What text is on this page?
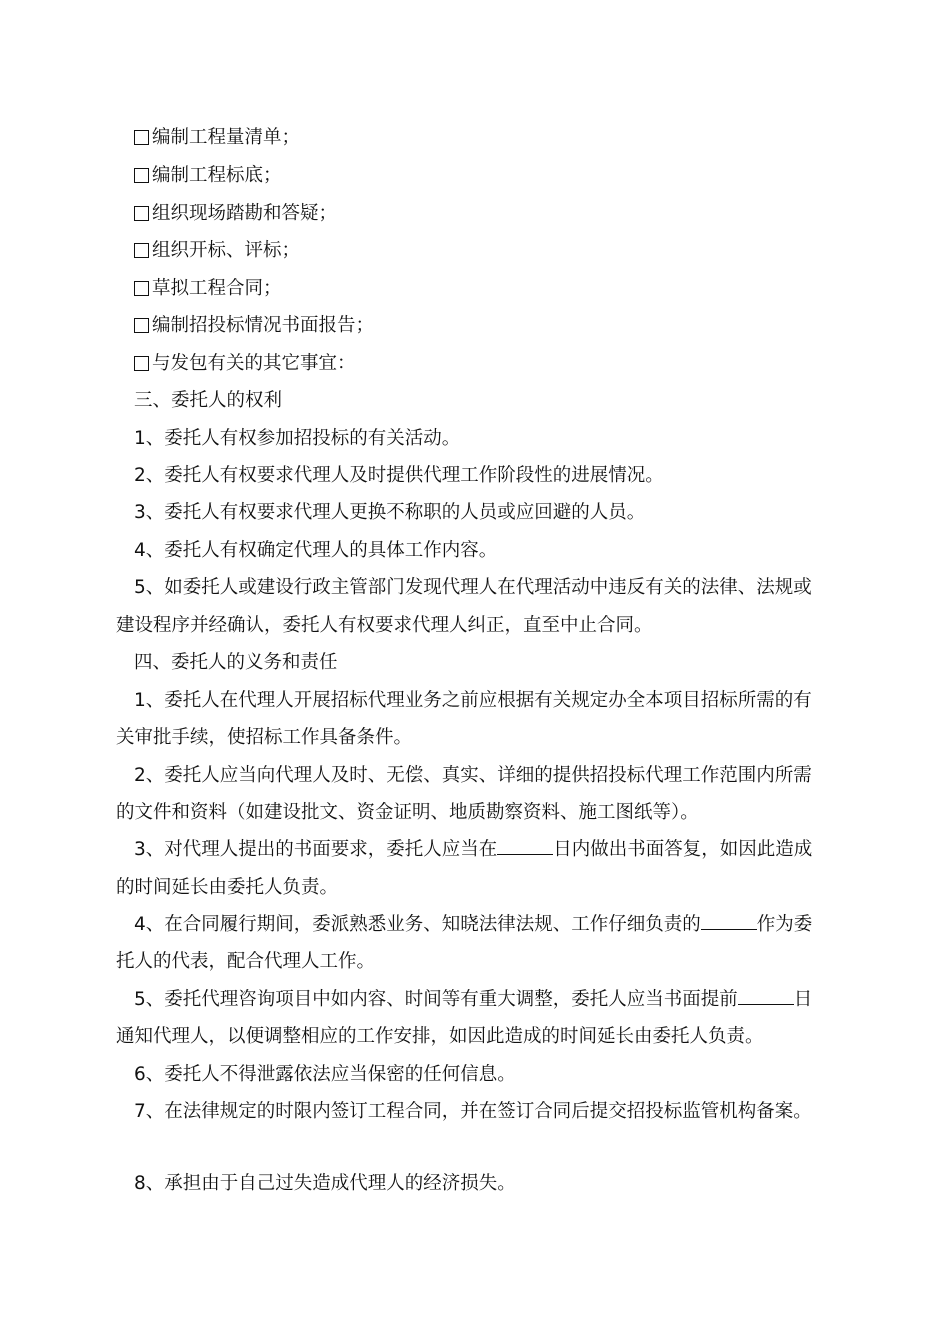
编制工程量清单；
编制工程标底；
组织现场踏勘和答疑；
组织开标、评标；
草拟工程合同；
编制招投标情况书面报告；
与发包有关的其它事宜：
三、委托人的权利
1、委托人有权参加招投标的有关活动。
2、委托人有权要求代理人及时提供代理工作阶段性的进展情况。
3、委托人有权要求代理人更换不称职的人员或应回避的人员。
4、委托人有权确定代理人的具体工作内容。
5、如委托人或建设行政主管部门发现代理人在代理活动中违反有关的法律、法规或
建设程序并经确认，委托人有权要求代理人纠正，直至中止合同。
四、委托人的义务和责任
1、委托人在代理人开展招标代理业务之前应根据有关规定办全本项目招标所需的有
关审批手续，使招标工作具备条件。
2、委托人应当向代理人及时、无偿、真实、详细的提供招投标代理工作范围内所需
的文件和资料（如建设批文、资金证明、地质勘察资料、施工图纸等）。
3、对代理人提出的书面要求，委托人应当在	日内做出书面答复，如因此造成
的时间延长由委托人负责。
4、在合同履行期间，委派熟悉业务、知晓法律法规、工作仔细负责的	作为委
托人的代表，配合代理人工作。
5、委托代理咨询项目中如内容、时间等有重大调整，委托人应当书面提前	日
通知代理人，以便调整相应的工作安排，如因此造成的时间延长由委托人负责。
6、委托人不得泄露依法应当保密的任何信息。
7、在法律规定的时限内签订工程合同，并在签订合同后提交招投标监管机构备案。
8、承担由于自己过失造成代理人的经济损失。
